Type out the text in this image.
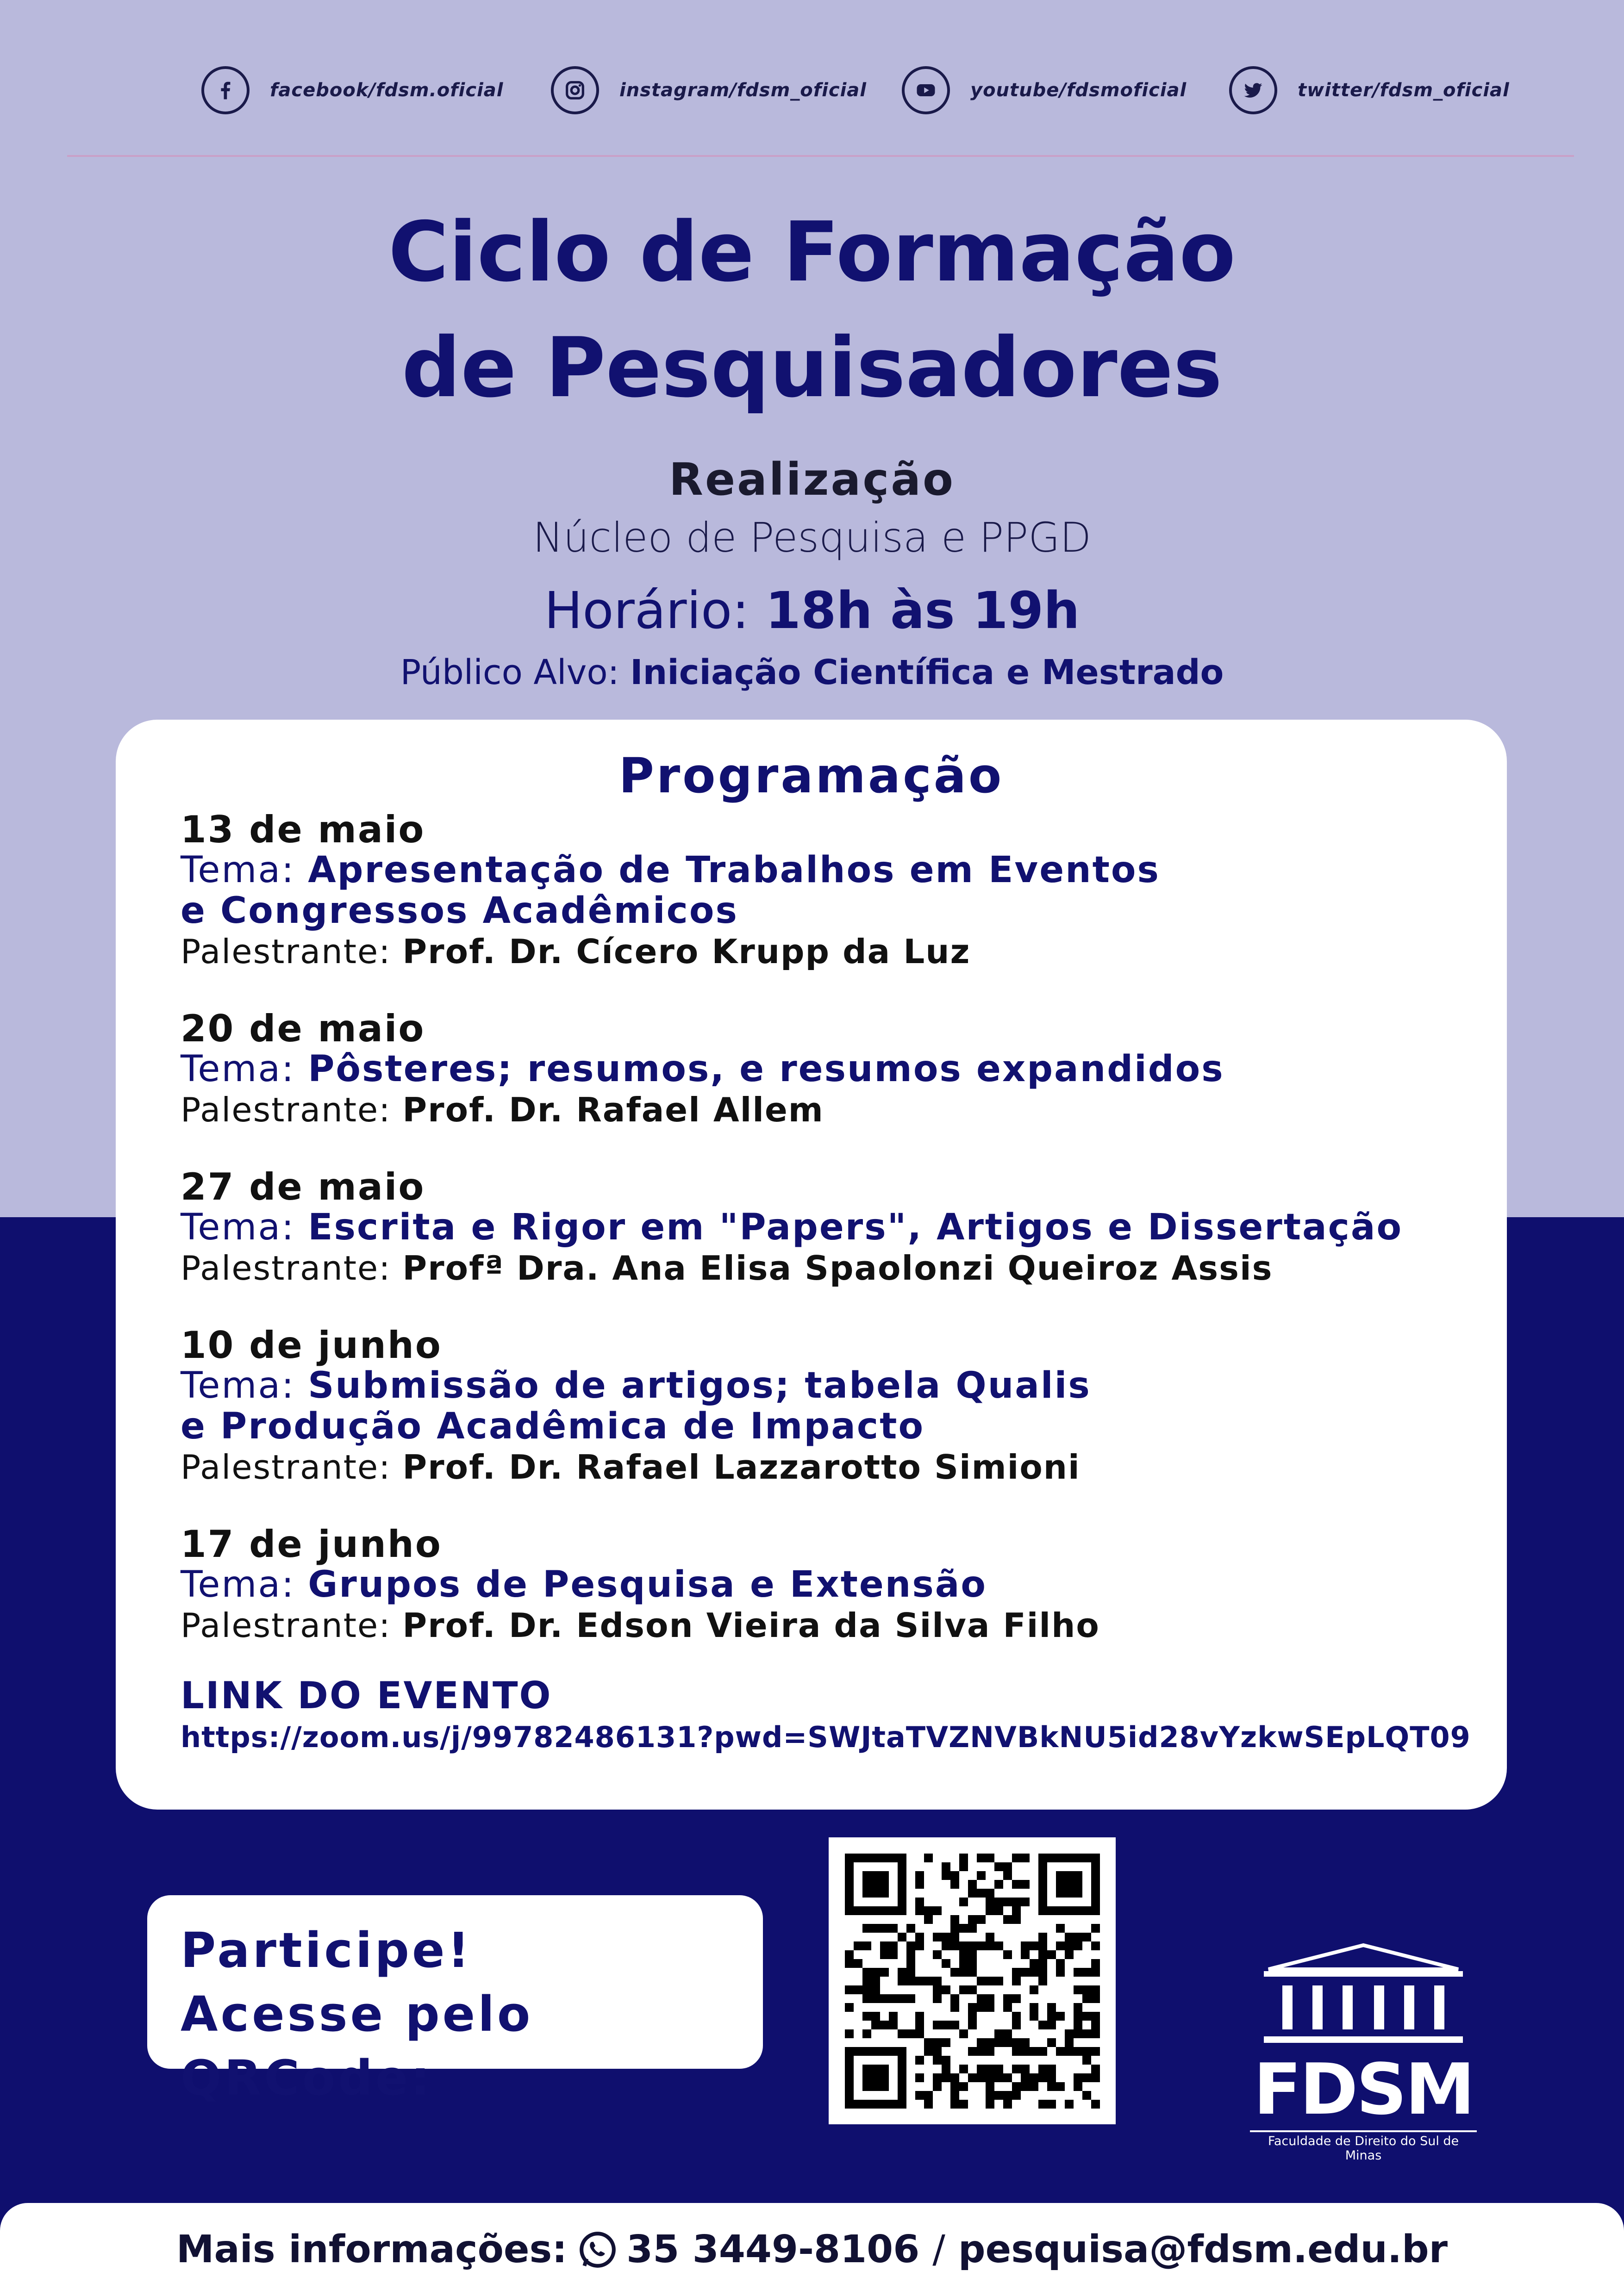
facebook/fdsm.oficial	instagram/fdsm_oficial	youtube/fdsmoficial	twitter/fdsm_oficial
Ciclo de Formação
de Pesquisadores
Realização
Núcleo de Pesquisa e PPGD
Horário: 18h às 19h
Público Alvo: Iniciação Científica e Mestrado
Programação
13 de maio
Tema: Apresentação de Trabalhos em Eventos
e Congressos Acadêmicos
Palestrante: Prof. Dr. Cícero Krupp da Luz
20 de maio
Tema: Pôsteres; resumos, e resumos expandidos
Palestrante: Prof. Dr. Rafael Allem
27 de maio
Tema: Escrita e Rigor em "Papers", Artigos e Dissertação
Palestrante: Profª Dra. Ana Elisa Spaolonzi Queiroz Assis
10 de junho
Tema: Submissão de artigos; tabela Qualis
e Produção Acadêmica de Impacto
Palestrante: Prof. Dr. Rafael Lazzarotto Simioni
17 de junho
Tema: Grupos de Pesquisa e Extensão
Palestrante: Prof. Dr. Edson Vieira da Silva Filho
LINK DO EVENTO
https://zoom.us/j/99782486131?pwd=SWJtaTVZNVBkNU5id28vYzkwSEpLQT09
Participe!
Acesse pelo QRCode:	FDSM
Faculdade de Direito do Sul de Minas
Mais informações: 35 3449-8106 / pesquisa@fdsm.edu.br
